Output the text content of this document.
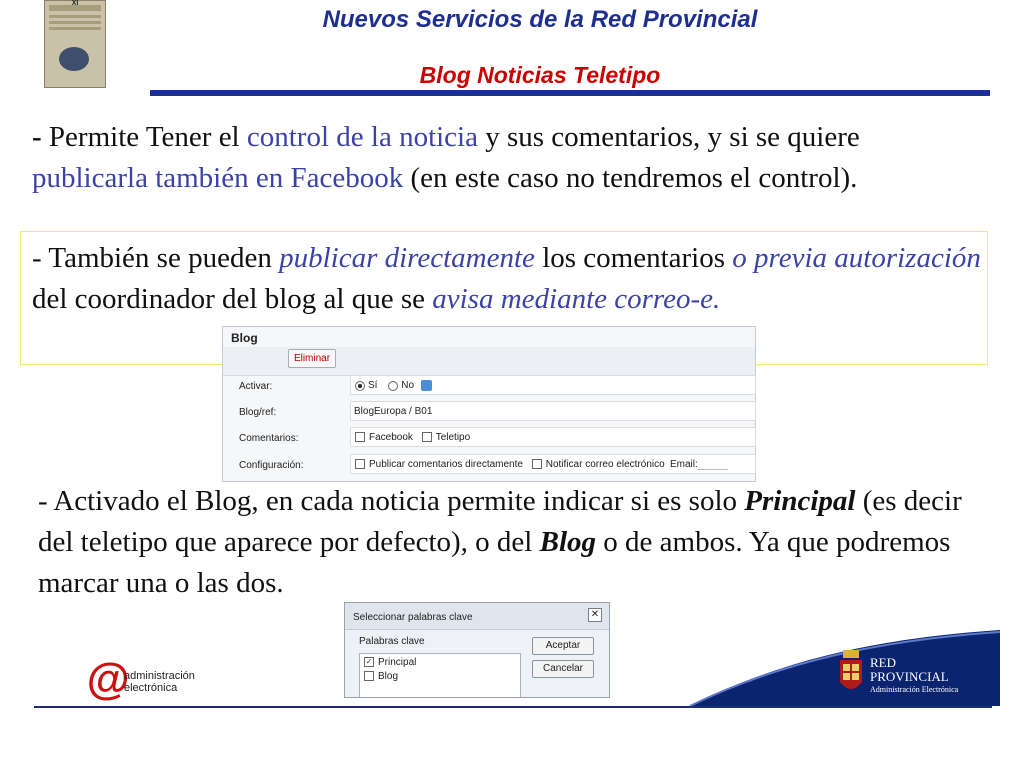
XI
Nuevos Servicios de la Red Provincial
Blog Noticias Teletipo
- Permite Tener el control de la noticia y sus comentarios, y si se quiere publicarla también en Facebook (en este caso no tendremos el control).
- También se pueden publicar directamente los comentarios o previa autorización del coordinador del blog al que se avisa mediante correo-e.
Blog
Eliminar
Activar:	Sí No
Blog/ref:	BlogEuropa / B01
Comentarios:	Facebook Teletipo
Configuración:	Publicar comentarios directamente Notificar correo electrónico Email:
- Activado el Blog, en cada noticia permite indicar si es solo Principal (es decir del teletipo que aparece por defecto), o del Blog o de ambos. Ya que podremos marcar una o las dos.
RED
PROVINCIAL
Administración Electrónica
@
administración
electrónica
Seleccionar palabras clave	✕
Palabras clave
✓Principal
Blog
Aceptar
Cancelar
